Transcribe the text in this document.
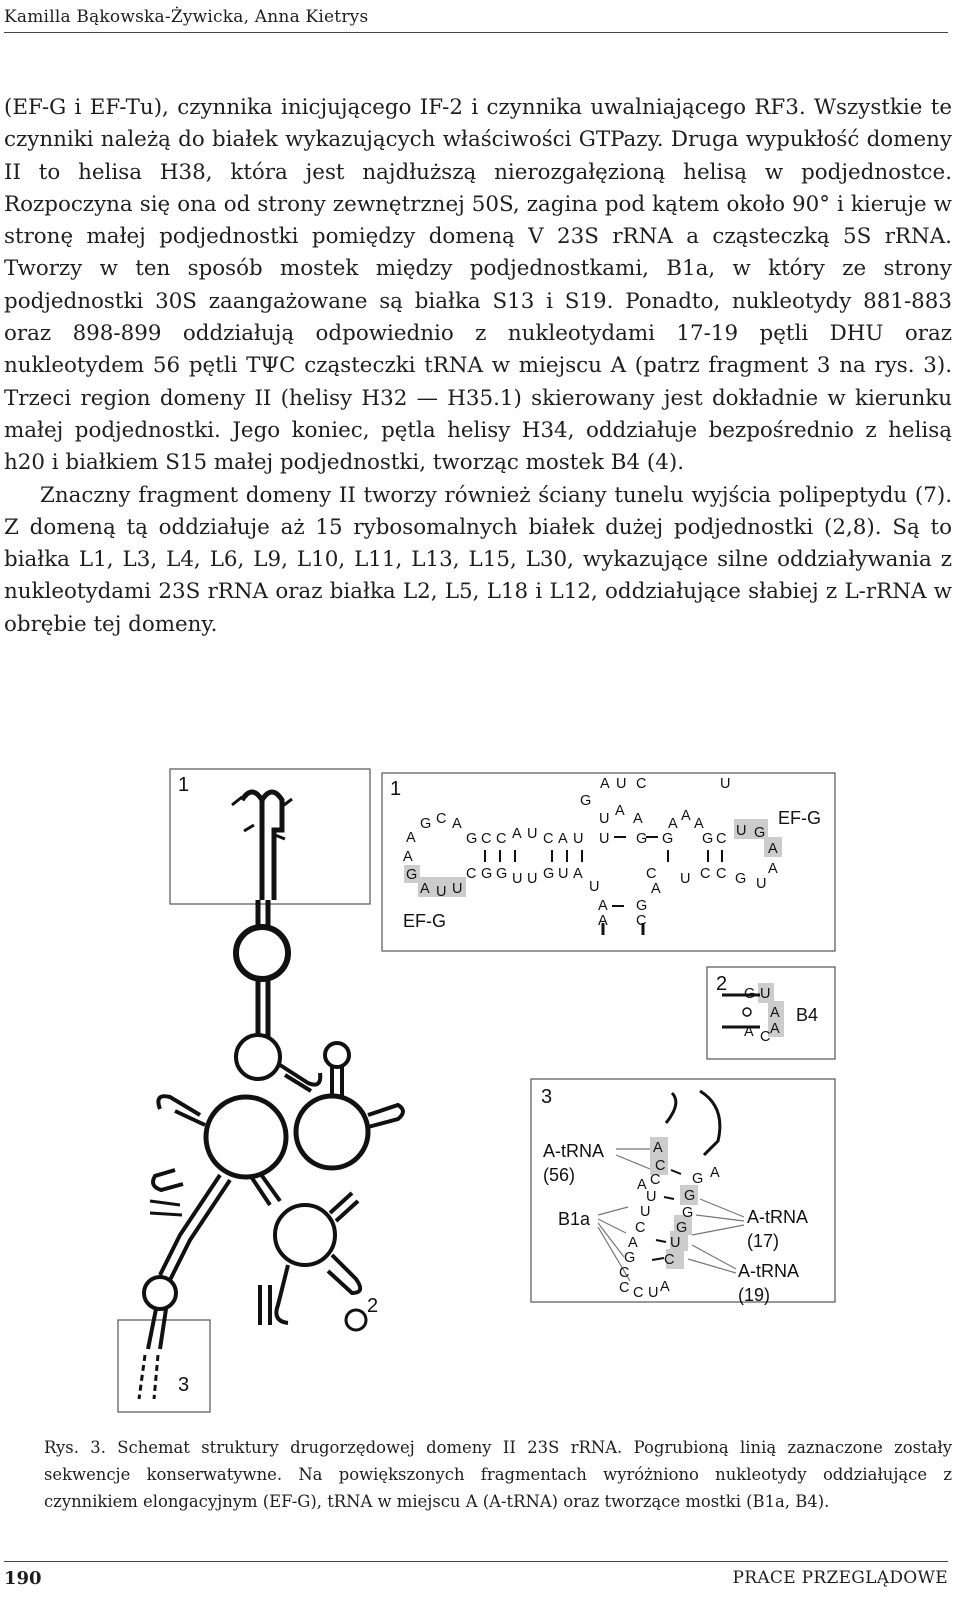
Kamilla Bąkowska-Żywicka, Anna Kietrys

(EF-G i EF-Tu), czynnika inicjującego IF-2 i czynnika uwalniającego RF3. Wszystkie te czynniki należą do białek wykazujących właściwości GTPazy. Druga wypukłość domeny II to helisa H38, która jest najdłuższą nierozgałęzioną helisą w podjednostce. Rozpoczyna się ona od strony zewnętrznej 50S, zagina pod kątem około 90° i kieruje w stronę małej podjednostki pomiędzy domeną V 23S rRNA a cząsteczką 5S rRNA. Tworzy w ten sposób mostek między podjednostkami, B1a, w który ze strony podjednostki 30S zaangażowane są białka S13 i S19. Ponadto, nukleotydy 881-883 oraz 898-899 oddziałują odpowiednio z nukleotydami 17-19 pętli DHU oraz nukleotydem 56 pętli TΨC cząsteczki tRNA w miejscu A (patrz fragment 3 na rys. 3). Trzeci region domeny II (helisy H32 — H35.1) skierowany jest dokładnie w kierunku małej podjednostki. Jego koniec, pętla helisy H34, oddziałuje bezpośrednio z helisą h20 i białkiem S15 małej podjednostki, tworząc mostek B4 (4).

Znaczny fragment domeny II tworzy również ściany tunelu wyjścia polipeptydu (7). Z domeną tą oddziałuje aż 15 rybosomalnych białek dużej podjednostki (2,8). Są to białka L1, L3, L4, L6, L9, L10, L11, L13, L15, L30, wykazujące silne oddziaływania z nukleotydami 23S rRNA oraz białka L2, L5, L18 i L12, oddziałujące słabiej z L-rRNA w obrębie tej domeny.

1
2
3
1
EF-G
EF-G
G C A
A
A
G
A U U
G C C A U C A U U
C G G U U G U A
U A A
G
C U
G
A A
G C
A
A
C
U
C G
A
U G
U
A
A
G
C
A U C
G
A
U
2 G U
A
A
A C
B4
3
A-tRNA
(56)
B1a	A-tRNA
(17)
A-tRNA
(19)
A
C
A C
U
U
C
A
G
C
C C
G A
G
G
G
U
C
U A
Rys. 3. Schemat struktury drugorzędowej domeny II 23S rRNA. Pogrubioną linią zaznaczone zostały sekwencje konserwatywne. Na powiększonych fragmentach wyróżniono nukleotydy oddziałujące z czynnikiem elongacyjnym (EF-G), tRNA w miejscu A (A-tRNA) oraz tworzące mostki (B1a, B4).
190	PRACE PRZEGLĄDOWE
